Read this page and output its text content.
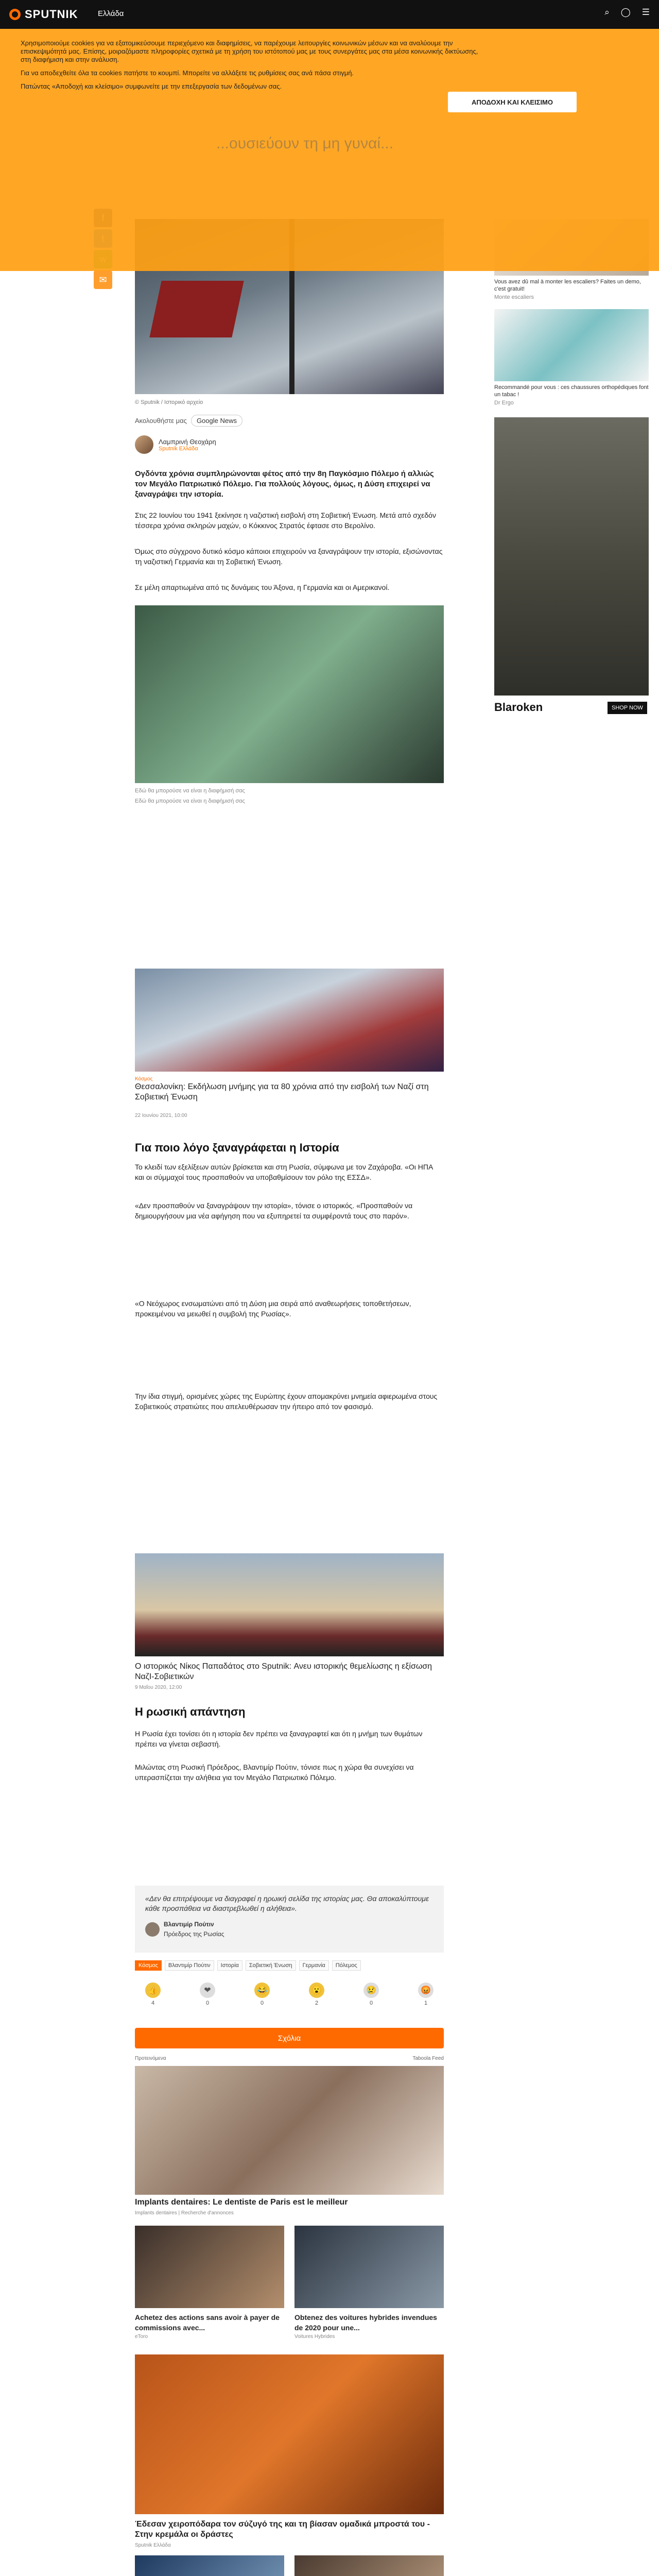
SPUTNIK	Ελλάδα	⌕ ◯ ☰

Χρησιμοποιούμε cookies για να εξατομικεύσουμε περιεχόμενο και διαφημίσεις, να παρέχουμε λειτουργίες κοινωνικών μέσων και να αναλύουμε την επισκεψιμότητά μας. Επίσης, μοιραζόμαστε πληροφορίες σχετικά με τη χρήση του ιστότοπού μας με τους συνεργάτες μας στα μέσα κοινωνικής δικτύωσης, στη διαφήμιση και στην ανάλυση.

Για να αποδεχθείτε όλα τα cookies πατήστε το κουμπί. Μπορείτε να αλλάξετε τις ρυθμίσεις σας ανά πάσα στιγμή.

Πατώντας «Αποδοχή και κλείσιμο» συμφωνείτε με την επεξεργασία των δεδομένων σας.

ΑΠΟΔΟΧΗ ΚΑΙ ΚΛΕΙΣΙΜΟ
...ουσιεύουν τη μη γυναί...
✉
© Sputnik / Ιστορικό αρχείο
Ακολουθήστε μας	Google News
Λαμπρινή Θεοχάρη
Sputnik Ελλάδα
Ογδόντα χρόνια συμπληρώνονται φέτος από την 8η Παγκόσμιο Πόλεμο ή αλλιώς τον Μεγάλο Πατριωτικό Πόλεμο. Για πολλούς λόγους, όμως, η Δύση επιχειρεί να ξαναγράψει την ιστορία.
Στις 22 Ιουνίου του 1941 ξεκίνησε η ναζιστική εισβολή στη Σοβιετική Ένωση. Μετά από σχεδόν τέσσερα χρόνια σκληρών μαχών, ο Κόκκινος Στρατός έφτασε στο Βερολίνο.
Όμως στο σύγχρονο δυτικό κόσμο κάποιοι επιχειρούν να ξαναγράψουν την ιστορία, εξισώνοντας τη ναζιστική Γερμανία και τη Σοβιετική Ένωση.
Σε μέλη απαρτιωμένα από τις δυνάμεις του Άξονα, η Γερμανία και οι Αμερικανοί.
Εδώ θα μπορούσε να είναι η διαφήμισή σας
Εδώ θα μπορούσε να είναι η διαφήμισή σας
Κόσμος
Θεσσαλονίκη: Εκδήλωση μνήμης για τα 80 χρόνια από την εισβολή των Ναζί στη Σοβιετική Ένωση
22 Ιουνίου 2021, 10:00
Για ποιο λόγο ξαναγράφεται η Ιστορία
Το κλειδί των εξελίξεων αυτών βρίσκεται και στη Ρωσία, σύμφωνα με τον Ζαχάροβα. «Οι ΗΠΑ και οι σύμμαχοί τους προσπαθούν να υποβαθμίσουν τον ρόλο της ΕΣΣΔ».
«Δεν προσπαθούν να ξαναγράψουν την ιστορία», τόνισε ο ιστορικός. «Προσπαθούν να δημιουργήσουν μια νέα αφήγηση που να εξυπηρετεί τα συμφέροντά τους στο παρόν».
«Ο Νεόχωρος ενσωματώνει από τη Δύση μια σειρά από αναθεωρήσεις τοποθετήσεων, προκειμένου να μειωθεί η συμβολή της Ρωσίας».
Την ίδια στιγμή, ορισμένες χώρες της Ευρώπης έχουν απομακρύνει μνημεία αφιερωμένα στους Σοβιετικούς στρατιώτες που απελευθέρωσαν την ήπειρο από τον φασισμό.
Ο ιστορικός Νίκος Παπαδάτος στο Sputnik: Ανευ ιστορικής θεμελίωσης η εξίσωση ΝαζΙ-Σοβιετικών
9 Μαΐου 2020, 12:00
Η ρωσική απάντηση
Η Ρωσία έχει τονίσει ότι η ιστορία δεν πρέπει να ξαναγραφτεί και ότι η μνήμη των θυμάτων πρέπει να γίνεται σεβαστή.
Μιλώντας στη Ρωσική Πρόεδρος, Βλαντιμίρ Πούτιν, τόνισε πως η χώρα θα συνεχίσει να υπερασπίζεται την αλήθεια για τον Μεγάλο Πατριωτικό Πόλεμο.
«Δεν θα επιτρέψουμε να διαγραφεί η ηρωική σελίδα της ιστορίας μας. Θα αποκαλύπτουμε κάθε προσπάθεια να διαστρεβλωθεί η αλήθεια».
Βλαντιμίρ Πούτιν
Πρόεδρος της Ρωσίας
Κόσμος	Βλαντιμίρ Πούτιν	Ιστορία	Σοβιετική Ένωση	Γερμανία	Πόλεμος
👍
4
❤
0
😂
0
😮
2
😢
0
😡
1
Σχόλια
Προτεινόμενα	Taboola Feed
Implants dentaires: Le dentiste de Paris est le meilleur
Implants dentaires | Recherche d'annonces
Achetez des actions sans avoir à payer de commissions avec...
Obtenez des voitures hybrides invendues de 2020 pour une...
eToro	Voitures Hybrides
Έδεσαν χειροπόδαρα τον σύζυγό της και τη βίασαν ομαδικά μπροστά του - Στην κρεμάλα οι δράστες
Sputnik Ελλάδα
Vous avez dû mal à monter les escaliers? Faites un demo, c'est gratuit!
Monte escaliers
Recommandé pour vous : ces chaussures orthopédiques font un tabac !
Dr Ergo
Blaroken	SHOP NOW
